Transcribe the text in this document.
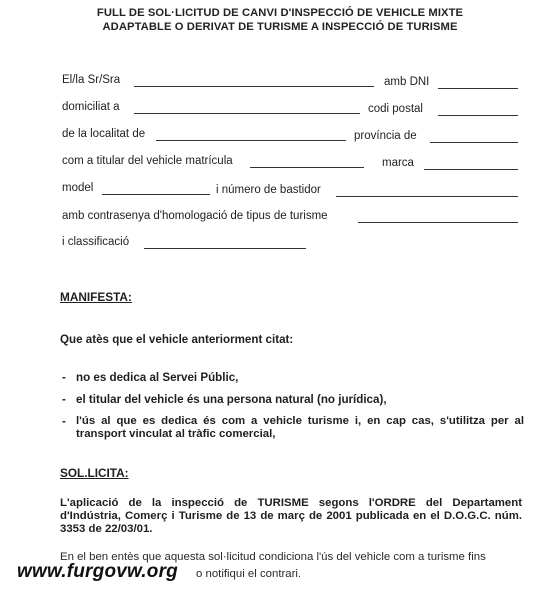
FULL DE SOL·LICITUD DE CANVI D'INSPECCIÓ DE VEHICLE MIXTE
ADAPTABLE O DERIVAT DE TURISME A INSPECCIÓ DE TURISME
El/la Sr/Sra	amb DNI
domiciliat a	codi postal
de la localitat de	província de
com a titular del vehicle matrícula	marca
model	i número de bastidor
amb contrasenya d'homologació de tipus de turisme
i classificació
MANIFESTA:
Que atès que el vehicle anteriorment citat:
- no es dedica al Servei Públic,
- el titular del vehicle és una persona natural (no jurídica),
- l'ús al que es dedica és com a vehicle turisme i, en cap cas, s'utilitza per al transport vinculat al tràfic comercial,
SOL.LICITA:
L'aplicació de la inspecció de TURISME segons l'ORDRE del Departament d'Indústria, Comerç i Turisme de 13 de març de 2001 publicada en el D.O.G.C. núm. 3353 de 22/03/01.
En el ben entès que aquesta sol·licitud condiciona l'ús del vehicle com a turisme fins
o notifiqui el contrari.
www.furgovw.org
